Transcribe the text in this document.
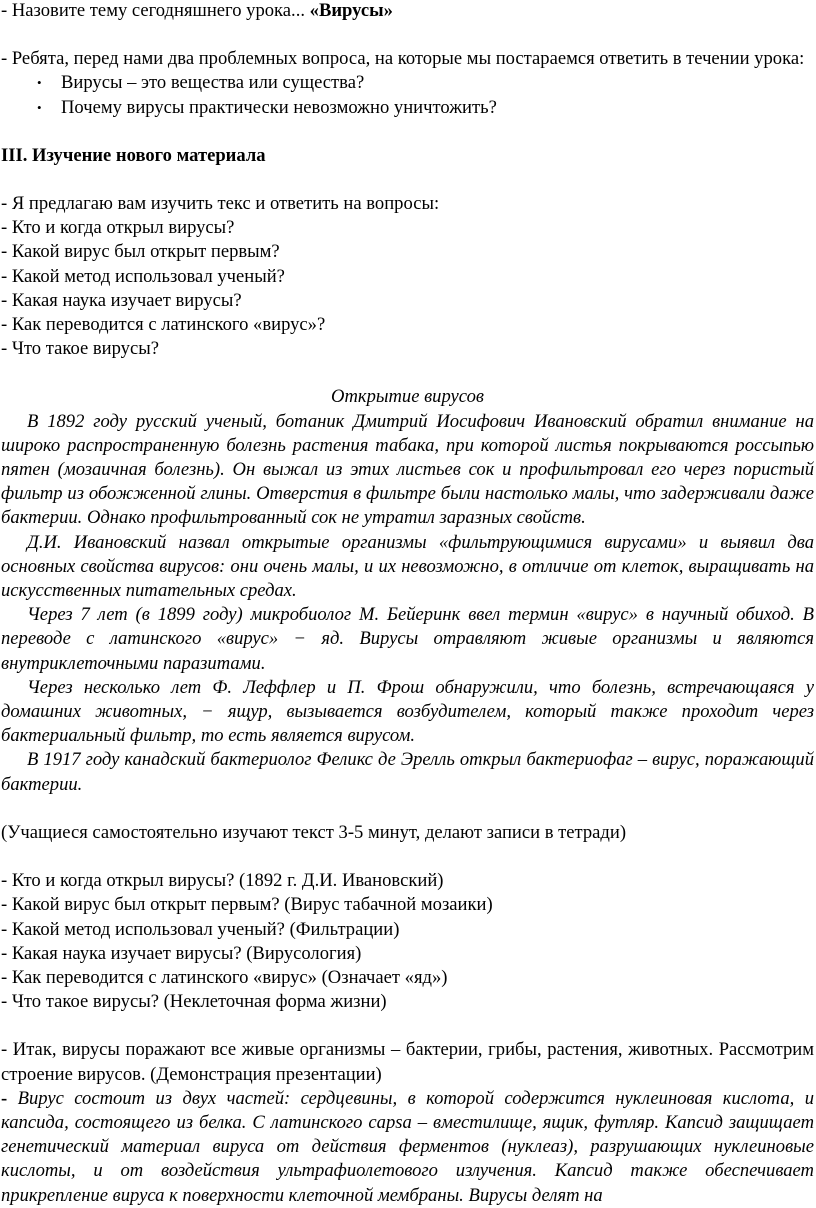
- Назовите тему сегодняшнего урока... «Вирусы»

- Ребята, перед нами два проблемных вопроса, на которые мы постараемся ответить в течении урока:

• Вирусы – это вещества или существа?
• Почему вирусы практически невозможно уничтожить?

III. Изучение нового материала

- Я предлагаю вам изучить текс и ответить на вопросы:

- Кто и когда открыл вирусы?

- Какой вирус был открыт первым?

- Какой метод использовал ученый?

- Какая наука изучает вирусы?

- Как переводится с латинского «вирус»?

- Что такое вирусы?

Открытие вирусов

В 1892 году русский ученый, ботаник Дмитрий Иосифович Ивановский обратил внимание на широко распространенную болезнь растения табака, при которой листья покрываются россыпью пятен (мозаичная болезнь). Он выжал из этих листьев сок и профильтровал его через пористый фильтр из обожженной глины. Отверстия в фильтре были настолько малы, что задерживали даже бактерии. Однако профильтрованный сок не утратил заразных свойств.

Д.И. Ивановский назвал открытые организмы «фильтрующимися вирусами» и выявил два основных свойства вирусов: они очень малы, и их невозможно, в отличие от клеток, выращивать на искусственных питательных средах.

Через 7 лет (в 1899 году) микробиолог М. Бейеринк ввел термин «вирус» в научный обиход. В переводе с латинского «вирус» − яд. Вирусы отравляют живые организмы и являются внутриклеточными паразитами.

Через несколько лет Ф. Леффлер и П. Фрош обнаружили, что болезнь, встречающаяся у домашних животных, − ящур, вызывается возбудителем, который также проходит через бактериальный фильтр, то есть является вирусом.

В 1917 году канадский бактериолог Феликс де Эрелль открыл бактериофаг – вирус, поражающий бактерии.

(Учащиеся самостоятельно изучают текст 3-5 минут, делают записи в тетради)

- Кто и когда открыл вирусы? (1892 г. Д.И. Ивановский)

- Какой вирус был открыт первым? (Вирус табачной мозаики)

- Какой метод использовал ученый? (Фильтрации)

- Какая наука изучает вирусы? (Вирусология)

- Как переводится с латинского «вирус» (Означает «яд»)

- Что такое вирусы? (Неклеточная форма жизни)

- Итак, вирусы поражают все живые организмы – бактерии, грибы, растения, животных. Рассмотрим строение вирусов. (Демонстрация презентации)

- Вирус состоит из двух частей: сердцевины, в которой содержится нуклеиновая кислота, и капсида, состоящего из белка. С латинского capsa – вместилище, ящик, футляр. Капсид защищает генетический материал вируса от действия ферментов (нуклеаз), разрушающих нуклеиновые кислоты, и от воздействия ультрафиолетового излучения. Капсид также обеспечивает прикрепление вируса к поверхности клеточной мембраны. Вирусы делят на
